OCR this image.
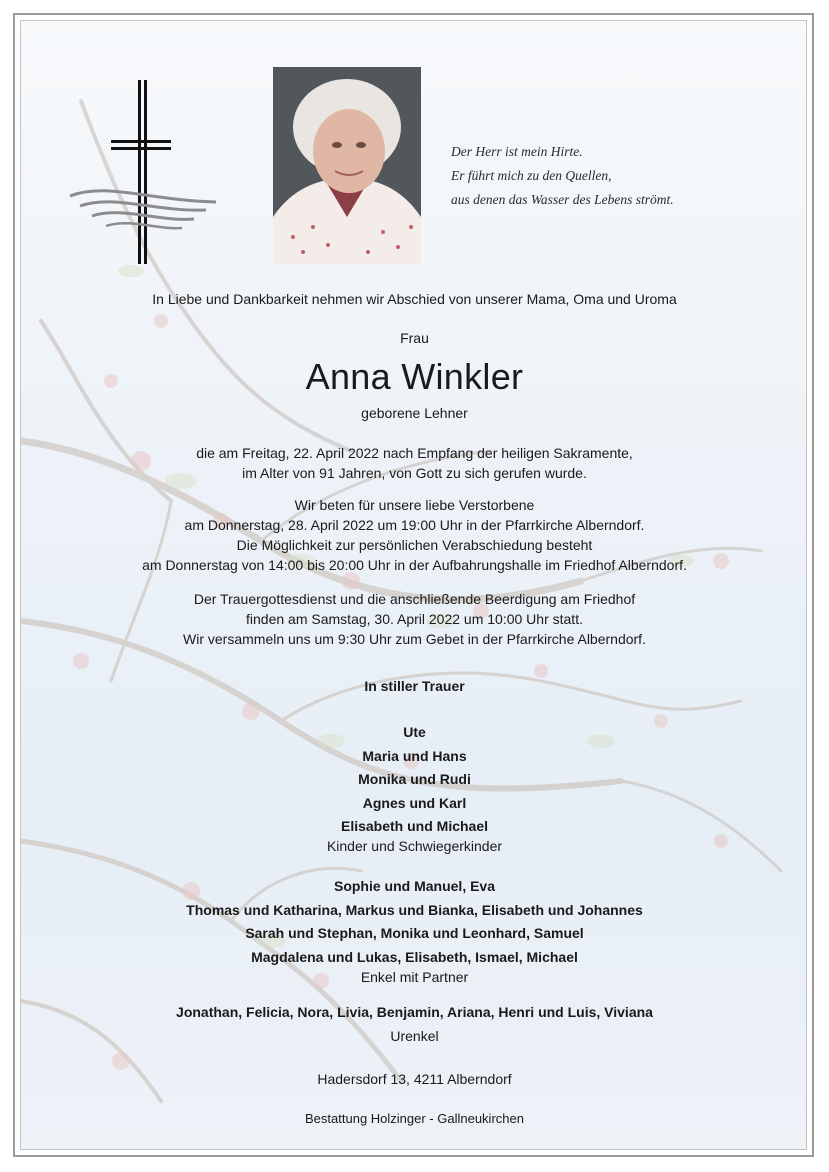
Der Herr ist mein Hirte.
Er führt mich zu den Quellen,
aus denen das Wasser des Lebens strömt.
In Liebe und Dankbarkeit nehmen wir Abschied von unserer Mama, Oma und Uroma
Frau
Anna Winkler
geborene Lehner
die am Freitag, 22. April 2022 nach Empfang der heiligen Sakramente,
im Alter von 91 Jahren, von Gott zu sich gerufen wurde.
Wir beten für unsere liebe Verstorbene
am Donnerstag, 28. April 2022 um 19:00 Uhr in der Pfarrkirche Alberndorf.
Die Möglichkeit zur persönlichen Verabschiedung besteht
am Donnerstag von 14:00 bis 20:00 Uhr in der Aufbahrungshalle im Friedhof Alberndorf.
Der Trauergottesdienst und die anschließende Beerdigung am Friedhof
finden am Samstag, 30. April 2022 um 10:00 Uhr statt.
Wir versammeln uns um 9:30 Uhr zum Gebet in der Pfarrkirche Alberndorf.
In stiller Trauer
Ute
Maria und Hans
Monika und Rudi
Agnes und Karl
Elisabeth und Michael
Kinder und Schwiegerkinder
Sophie und Manuel, Eva
Thomas und Katharina, Markus und Bianka, Elisabeth und Johannes
Sarah und Stephan, Monika und Leonhard, Samuel
Magdalena und Lukas, Elisabeth, Ismael, Michael
Enkel mit Partner
Jonathan, Felicia, Nora, Livia, Benjamin, Ariana, Henri und Luis, Viviana
Urenkel
Hadersdorf 13, 4211 Alberndorf
Bestattung Holzinger - Gallneukirchen
